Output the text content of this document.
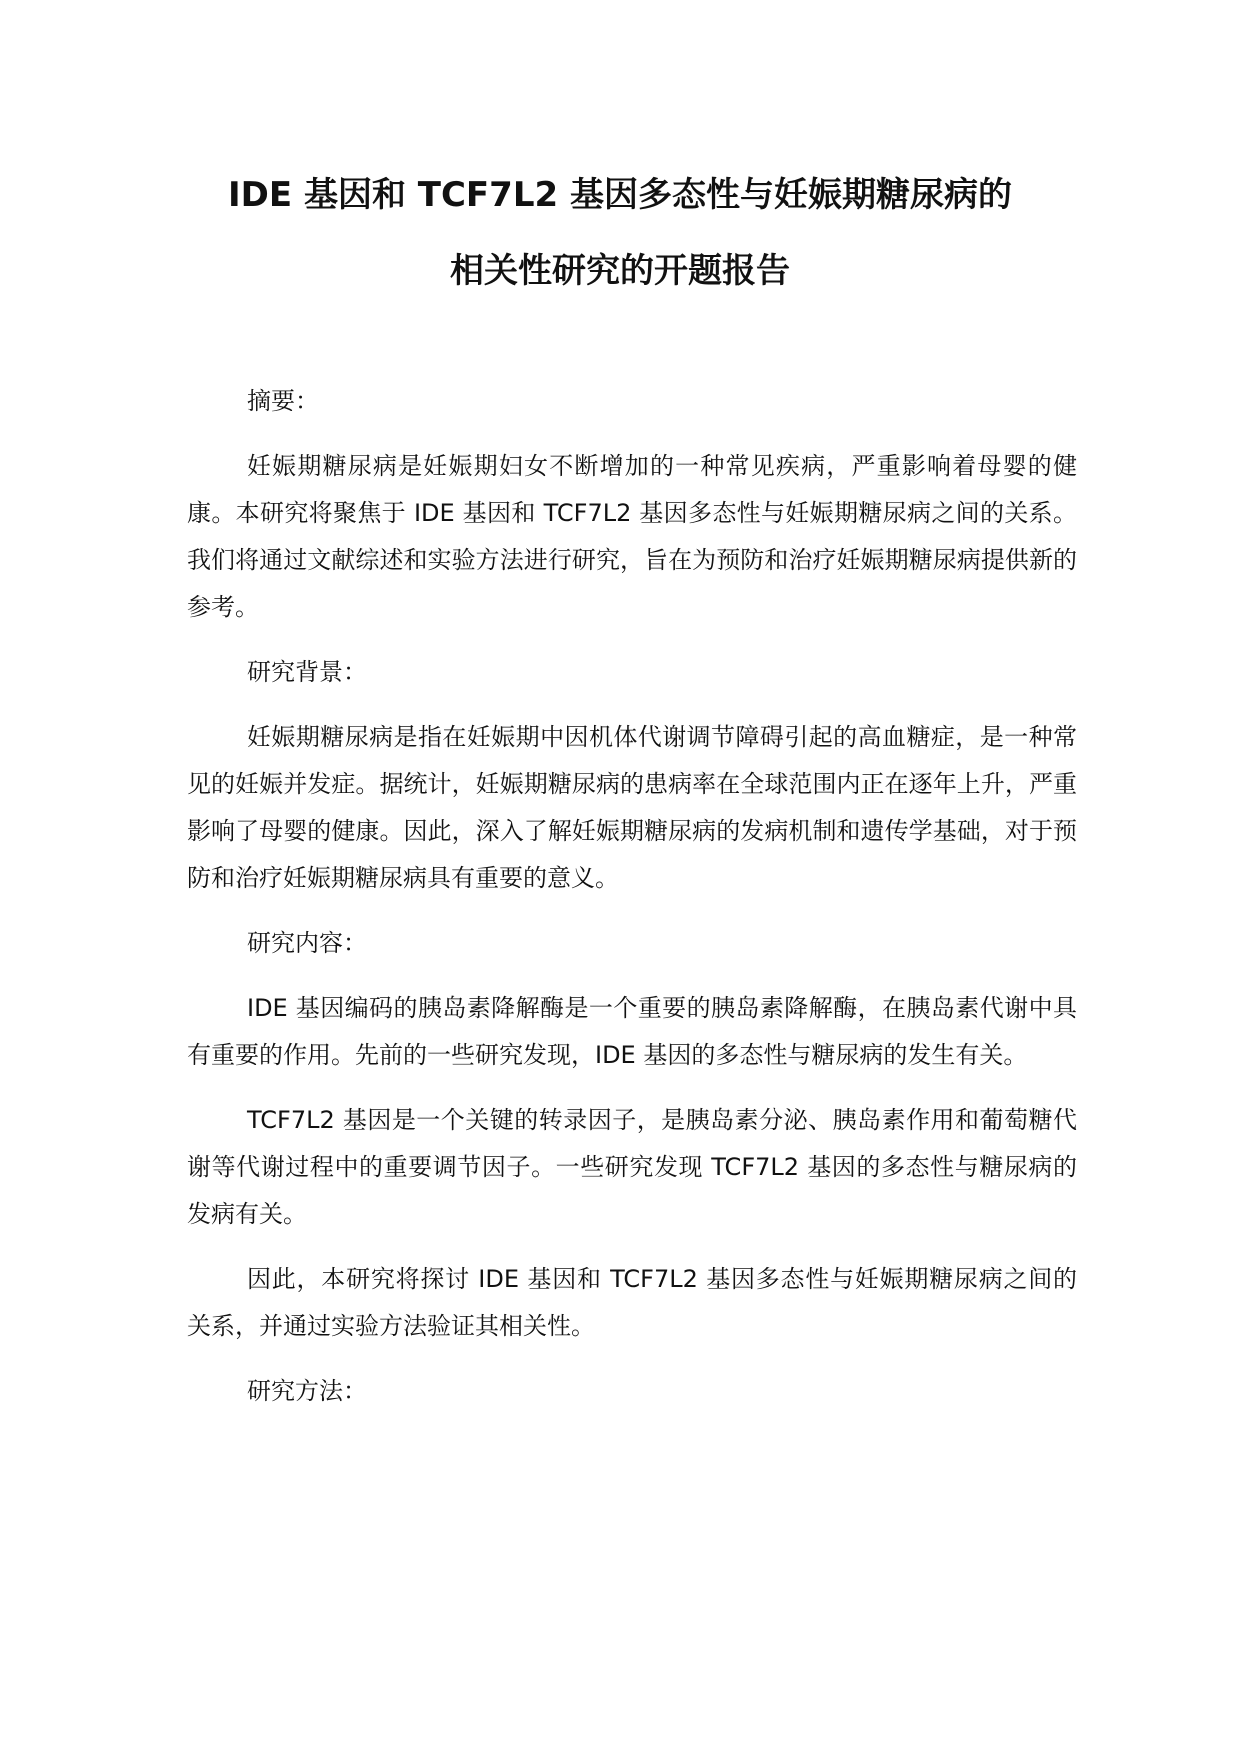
IDE 基因和 TCF7L2 基因多态性与妊娠期糖尿病的
相关性研究的开题报告

摘要：

妊娠期糖尿病是妊娠期妇女不断增加的一种常见疾病，严重影响着母婴的健康。本研究将聚焦于 IDE 基因和 TCF7L2 基因多态性与妊娠期糖尿病之间的关系。我们将通过文献综述和实验方法进行研究，旨在为预防和治疗妊娠期糖尿病提供新的参考。

研究背景：

妊娠期糖尿病是指在妊娠期中因机体代谢调节障碍引起的高血糖症，是一种常见的妊娠并发症。据统计，妊娠期糖尿病的患病率在全球范围内正在逐年上升，严重影响了母婴的健康。因此，深入了解妊娠期糖尿病的发病机制和遗传学基础，对于预防和治疗妊娠期糖尿病具有重要的意义。

研究内容：

IDE 基因编码的胰岛素降解酶是一个重要的胰岛素降解酶，在胰岛素代谢中具有重要的作用。先前的一些研究发现，IDE 基因的多态性与糖尿病的发生有关。

TCF7L2 基因是一个关键的转录因子，是胰岛素分泌、胰岛素作用和葡萄糖代谢等代谢过程中的重要调节因子。一些研究发现 TCF7L2 基因的多态性与糖尿病的发病有关。

因此，本研究将探讨 IDE 基因和 TCF7L2 基因多态性与妊娠期糖尿病之间的关系，并通过实验方法验证其相关性。

研究方法：
